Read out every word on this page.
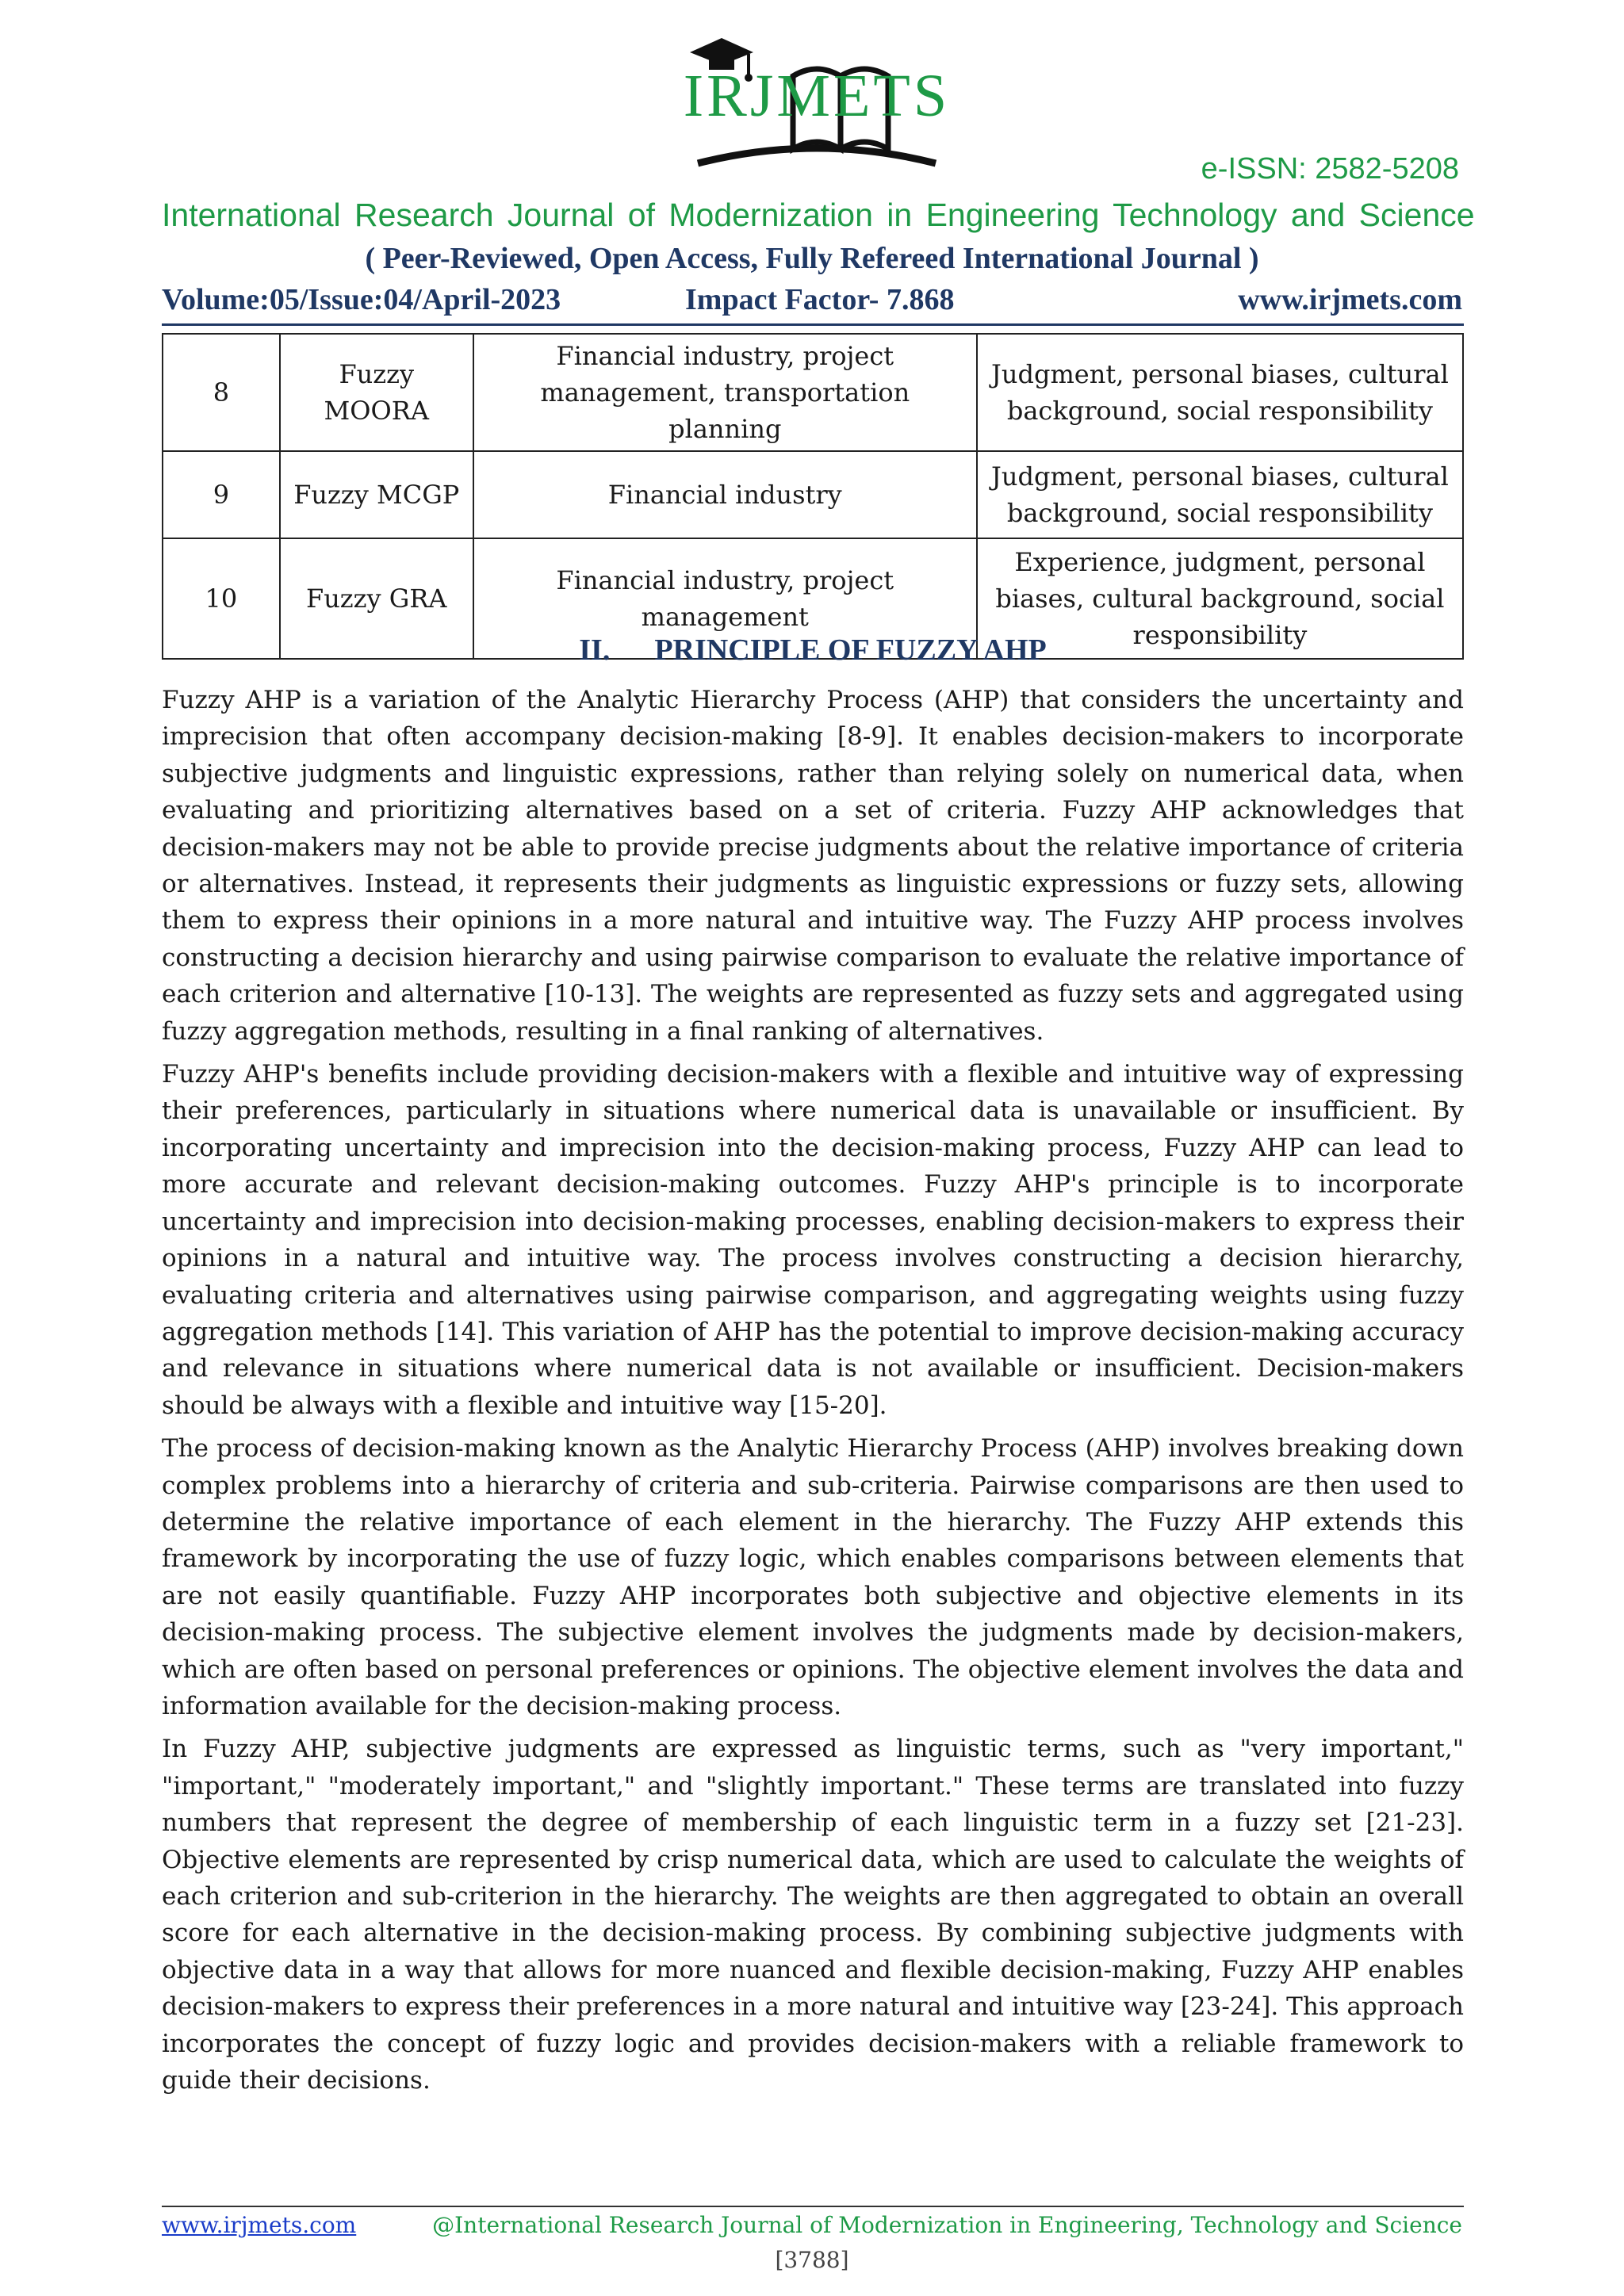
IRJMETS
e-ISSN: 2582-5208
International Research Journal of Modernization in Engineering Technology and Science
( Peer-Reviewed, Open Access, Fully Refereed International Journal )
Volume:05/Issue:04/April-2023	Impact Factor- 7.868	www.irjmets.com
8	Fuzzy MOORA	Financial industry, project management, transportation planning	Judgment, personal biases, cultural background, social responsibility
9	Fuzzy MCGP	Financial industry	Judgment, personal biases, cultural background, social responsibility
10	Fuzzy GRA	Financial industry, project management	Experience, judgment, personal biases, cultural background, social responsibility
II. PRINCIPLE OF FUZZY AHP

Fuzzy AHP is a variation of the Analytic Hierarchy Process (AHP) that considers the uncertainty and imprecision that often accompany decision-making [8-9]. It enables decision-makers to incorporate subjective judgments and linguistic expressions, rather than relying solely on numerical data, when evaluating and prioritizing alternatives based on a set of criteria. Fuzzy AHP acknowledges that decision-makers may not be able to provide precise judgments about the relative importance of criteria or alternatives. Instead, it represents their judgments as linguistic expressions or fuzzy sets, allowing them to express their opinions in a more natural and intuitive way. The Fuzzy AHP process involves constructing a decision hierarchy and using pairwise comparison to evaluate the relative importance of each criterion and alternative [10-13]. The weights are represented as fuzzy sets and aggregated using fuzzy aggregation methods, resulting in a final ranking of alternatives.

Fuzzy AHP's benefits include providing decision-makers with a flexible and intuitive way of expressing their preferences, particularly in situations where numerical data is unavailable or insufficient. By incorporating uncertainty and imprecision into the decision-making process, Fuzzy AHP can lead to more accurate and relevant decision-making outcomes. Fuzzy AHP's principle is to incorporate uncertainty and imprecision into decision-making processes, enabling decision-makers to express their opinions in a natural and intuitive way. The process involves constructing a decision hierarchy, evaluating criteria and alternatives using pairwise comparison, and aggregating weights using fuzzy aggregation methods [14]. This variation of AHP has the potential to improve decision-making accuracy and relevance in situations where numerical data is not available or insufficient. Decision-makers should be always with a flexible and intuitive way [15-20].

The process of decision-making known as the Analytic Hierarchy Process (AHP) involves breaking down complex problems into a hierarchy of criteria and sub-criteria. Pairwise comparisons are then used to determine the relative importance of each element in the hierarchy. The Fuzzy AHP extends this framework by incorporating the use of fuzzy logic, which enables comparisons between elements that are not easily quantifiable. Fuzzy AHP incorporates both subjective and objective elements in its decision-making process. The subjective element involves the judgments made by decision-makers, which are often based on personal preferences or opinions. The objective element involves the data and information available for the decision-making process.

In Fuzzy AHP, subjective judgments are expressed as linguistic terms, such as "very important," "important," "moderately important," and "slightly important." These terms are translated into fuzzy numbers that represent the degree of membership of each linguistic term in a fuzzy set [21-23]. Objective elements are represented by crisp numerical data, which are used to calculate the weights of each criterion and sub-criterion in the hierarchy. The weights are then aggregated to obtain an overall score for each alternative in the decision-making process. By combining subjective judgments with objective data in a way that allows for more nuanced and flexible decision-making, Fuzzy AHP enables decision-makers to express their preferences in a more natural and intuitive way [23-24]. This approach incorporates the concept of fuzzy logic and provides decision-makers with a reliable framework to guide their decisions.

www.irjmets.com	@International Research Journal of Modernization in Engineering, Technology and Science
[3788]
